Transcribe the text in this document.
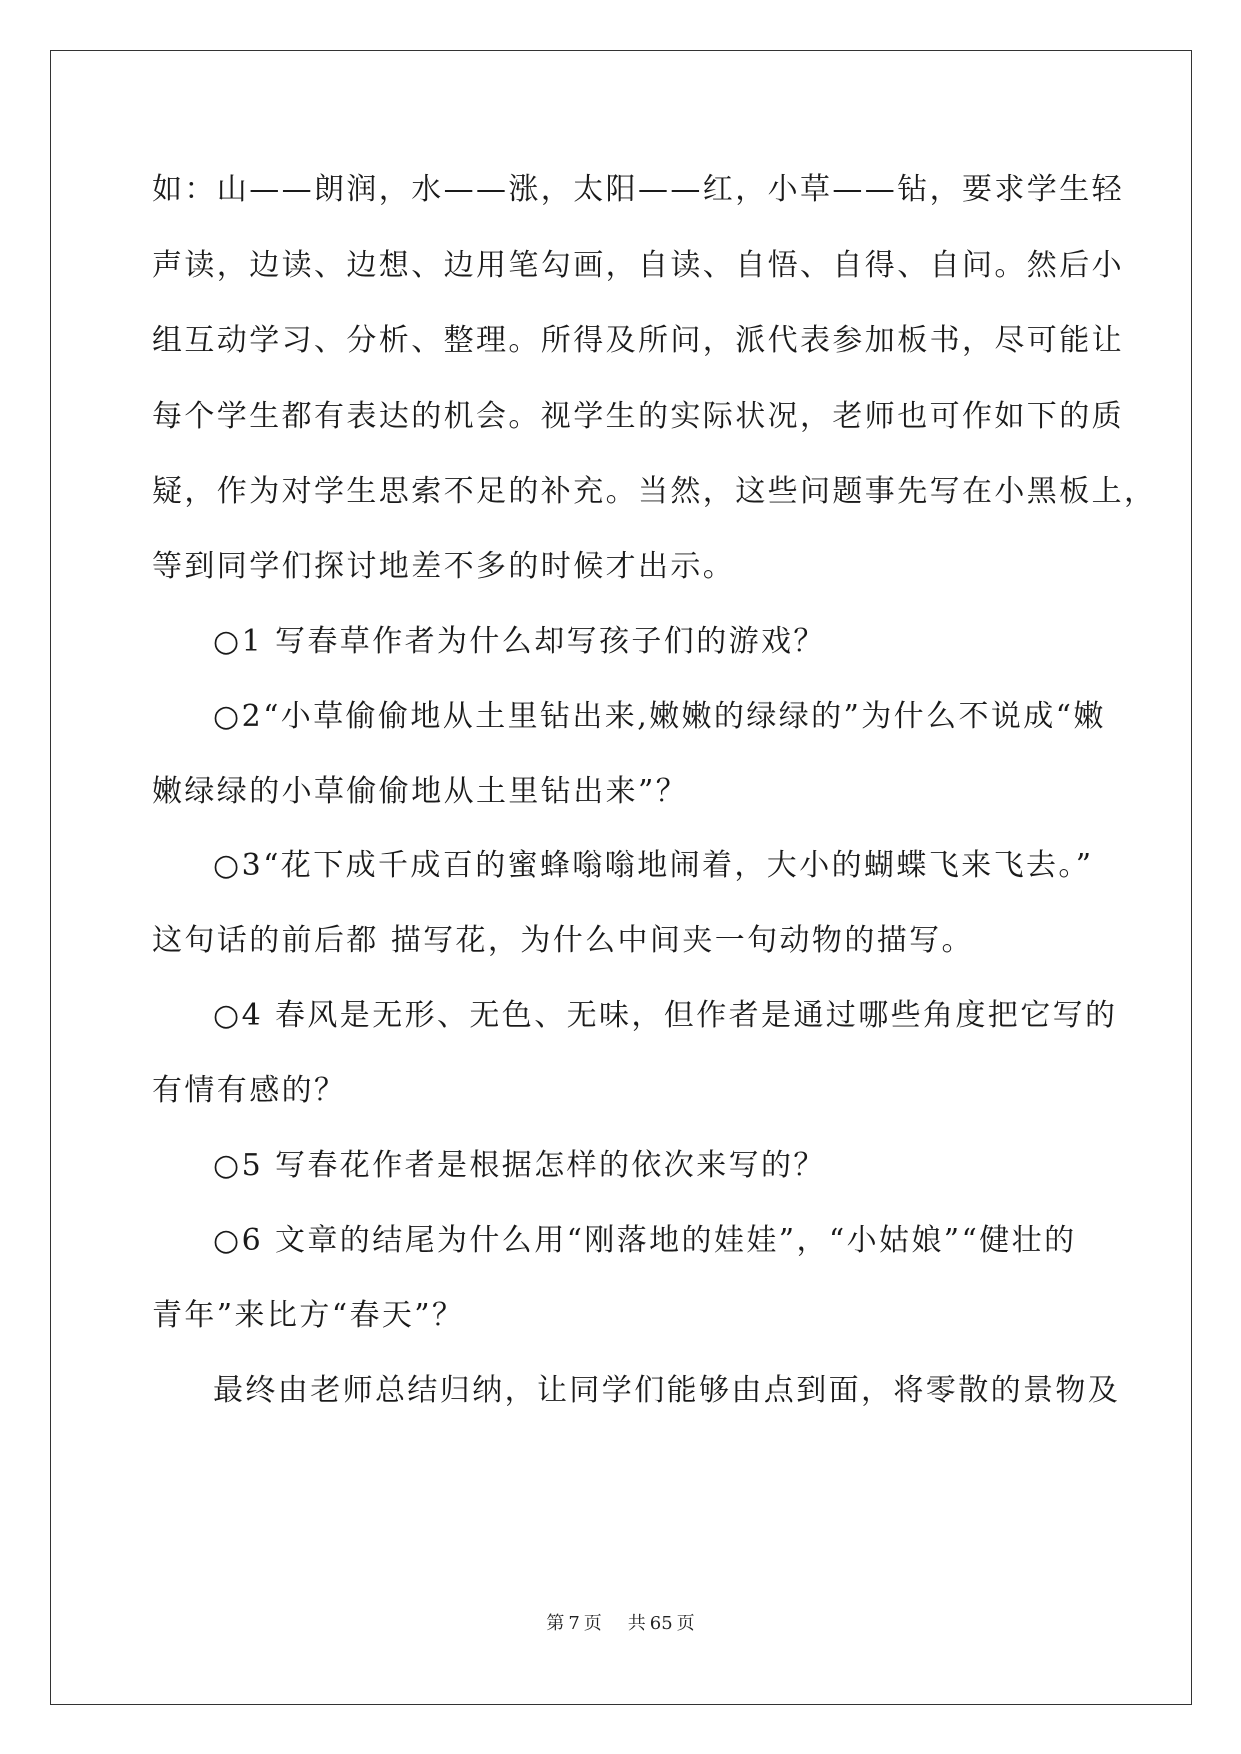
如：山——朗润，水——涨，太阳——红，小草——钻，要求学生轻
声读，边读、边想、边用笔勾画，自读、自悟、自得、自问。然后小
组互动学习、分析、整理。所得及所问，派代表参加板书，尽可能让
每个学生都有表达的机会。视学生的实际状况，老师也可作如下的质
疑，作为对学生思索不足的补充。当然，这些问题事先写在小黑板上，
等到同学们探讨地差不多的时候才出示。
○1 写春草作者为什么却写孩子们的游戏？
○2“小草偷偷地从土里钻出来,嫩嫩的绿绿的”为什么不说成“嫩
嫩绿绿的小草偷偷地从土里钻出来”？
○3“花下成千成百的蜜蜂嗡嗡地闹着，大小的蝴蝶飞来飞去。”
这句话的前后都 描写花，为什么中间夹一句动物的描写。
○4 春风是无形、无色、无味，但作者是通过哪些角度把它写的
有情有感的？
○5 写春花作者是根据怎样的依次来写的？
○6 文章的结尾为什么用“刚落地的娃娃”，“小姑娘”“健壮的
青年”来比方“春天”？
最终由老师总结归纳，让同学们能够由点到面，将零散的景物及
第 7 页 共 65 页
